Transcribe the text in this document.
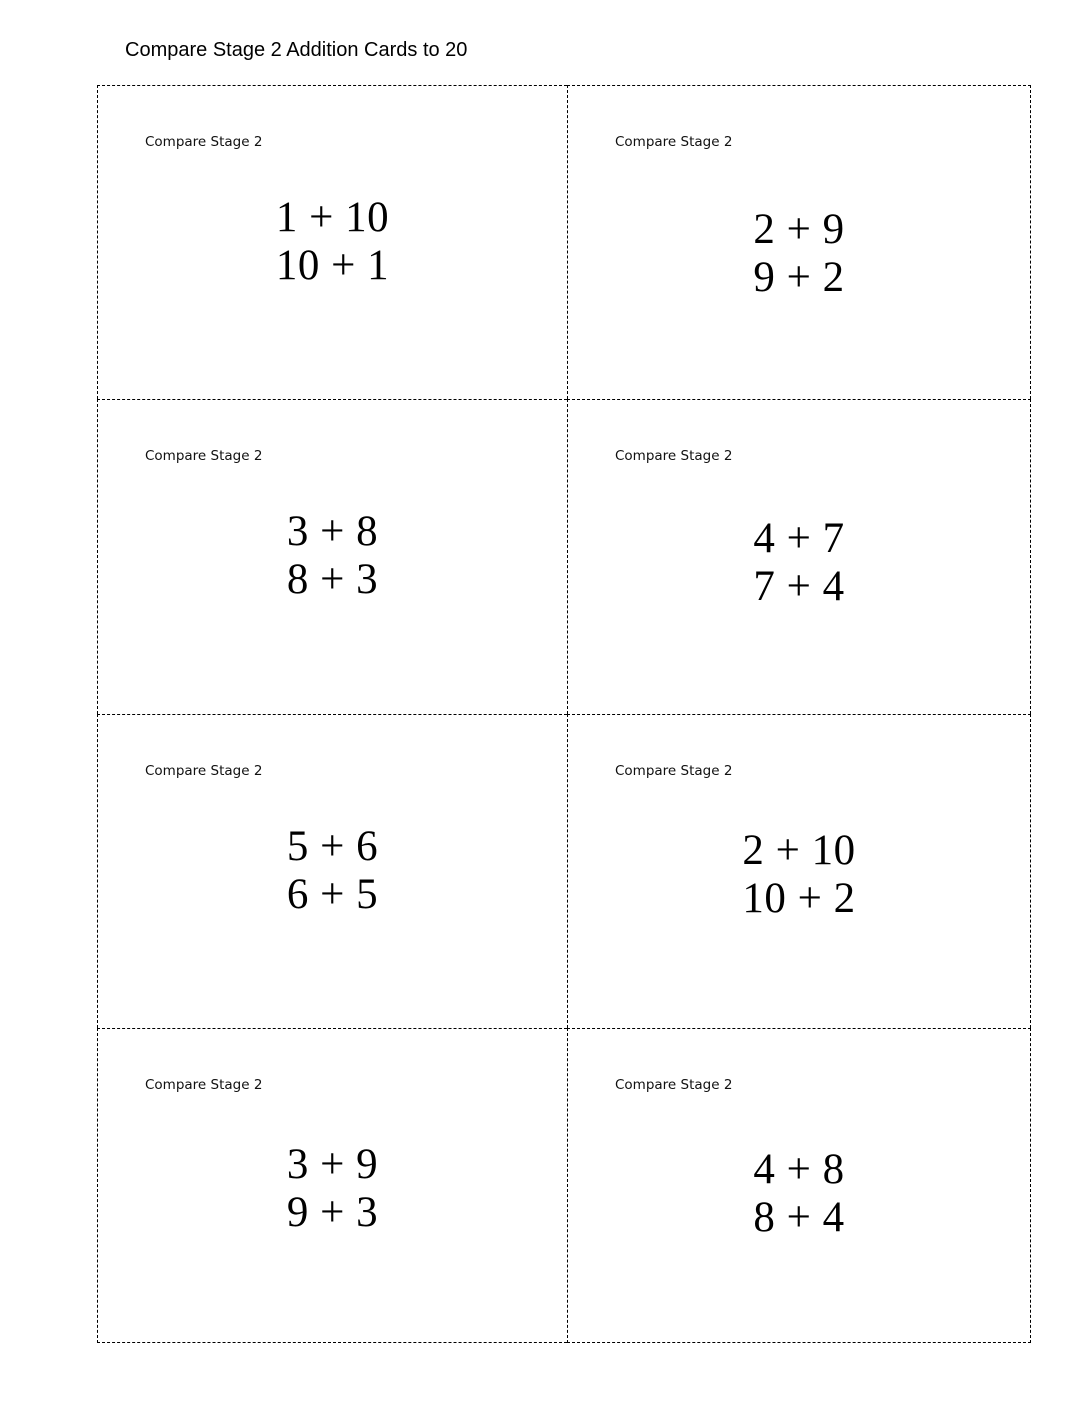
Compare Stage 2 Addition Cards to 20
Compare Stage 2
1 + 10
10 + 1
Compare Stage 2
2 + 9
9 + 2
Compare Stage 2
3 + 8
8 + 3
Compare Stage 2
4 + 7
7 + 4
Compare Stage 2
5 + 6
6 + 5
Compare Stage 2
2 + 10
10 + 2
Compare Stage 2
3 + 9
9 + 3
Compare Stage 2
4 + 8
8 + 4
